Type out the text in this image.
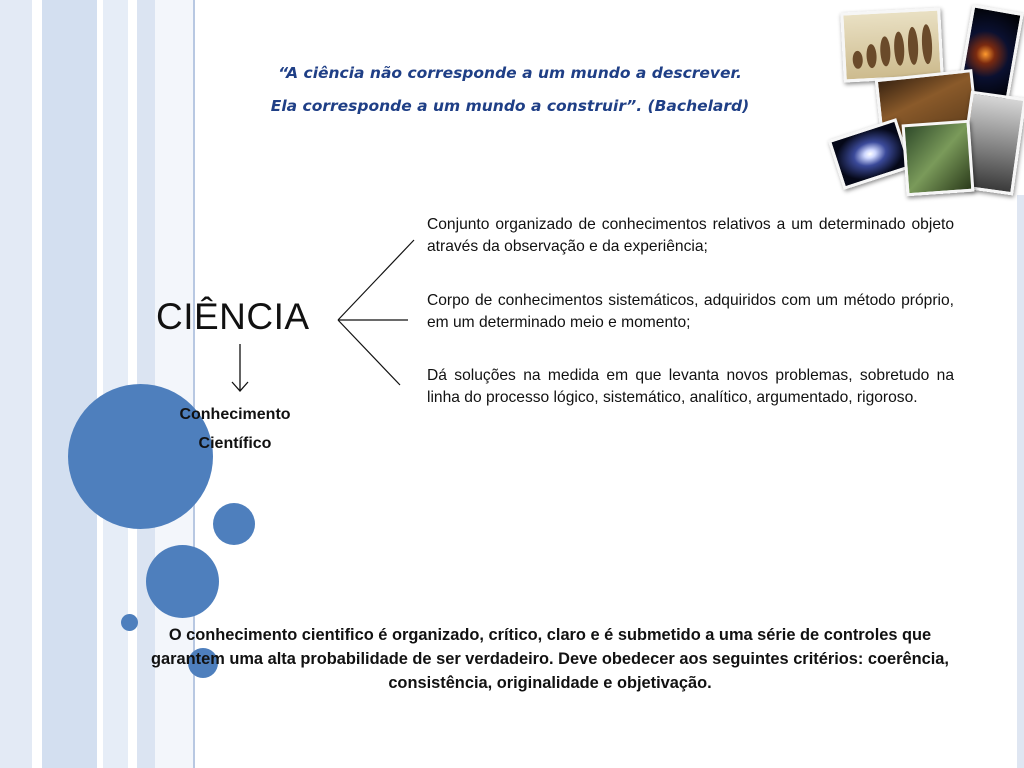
“A ciência não corresponde a um mundo a descrever.
Ela corresponde a um mundo a construir”. (Bachelard)
CIÊNCIA
Conhecimento
Científico

Conjunto organizado de conhecimentos relativos a um determinado objeto através da observação e da experiência;

Corpo de conhecimentos sistemáticos, adquiridos com um método próprio, em um determinado meio e momento;

Dá soluções na medida em que levanta novos problemas, sobretudo na linha do processo lógico, sistemático, analítico, argumentado, rigoroso.

O conhecimento cientifico é organizado, crítico, claro e é submetido a uma série de controles que garantem uma alta probabilidade de ser verdadeiro. Deve obedecer aos seguintes critérios: coerência, consistência, originalidade e objetivação.
